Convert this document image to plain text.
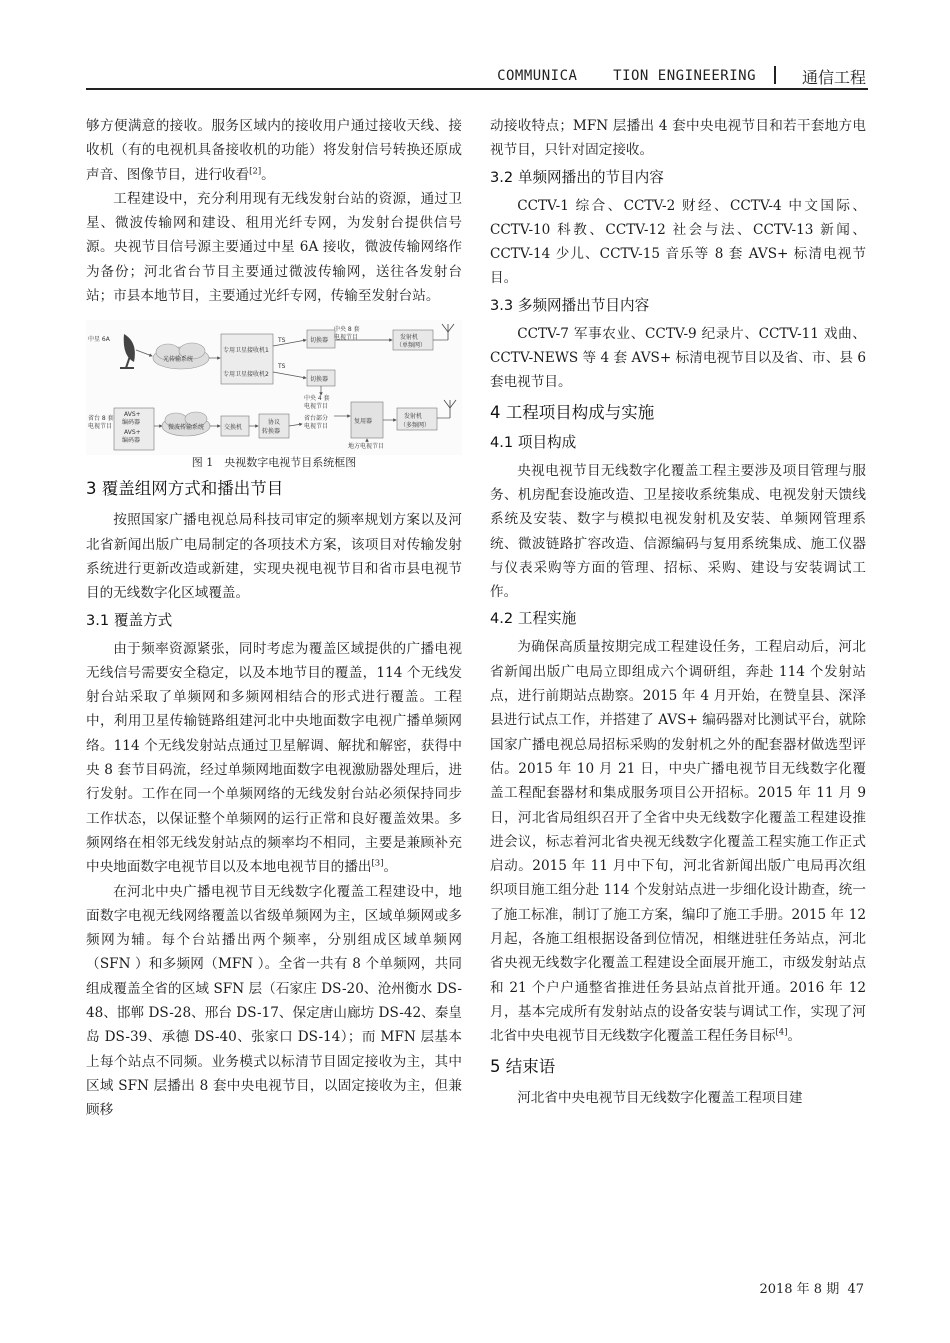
COMMUNICA    TION ENGINEERING	通信工程

够方便满意的接收。服务区域内的接收用户通过接收天线、接收机（有的电视机具备接收机的功能）将发射信号转换还原成声音、图像节目，进行收看[2]。

工程建设中，充分利用现有无线发射台站的资源，通过卫星、微波传输网和建设、租用光纤专网，为发射台提供信号源。央视节目信号源主要通过中星 6A 接收，微波传输网络作为备份；河北省台节目主要通过微波传输网，送往各发射台站；市县本地节目，主要通过光纤专网，传输至发射台站。

中星 6A
光传输系统
专用卫星接收机1
专用卫星接收机2
TS
TS
切换器
切换器
中央 8 套
电视节目	发射机
（单频网）
中央 4 套
电视节目
省台部分
电视节目
复用器
发射机
（多频网）
地方电视节目
省台 8 套
电视节目
AVS+
编码器
AVS+
编码器
微波传输系统	交换机
协议
转换器
图 1　央视数字电视节目系统框图
3 覆盖组网方式和播出节目

按照国家广播电视总局科技司审定的频率规划方案以及河北省新闻出版广电局制定的各项技术方案，该项目对传输发射系统进行更新改造或新建，实现央视电视节目和省市县电视节目的无线数字化区域覆盖。

3.1 覆盖方式

由于频率资源紧张，同时考虑为覆盖区域提供的广播电视无线信号需要安全稳定，以及本地节目的覆盖，114 个无线发射台站采取了单频网和多频网相结合的形式进行覆盖。工程中，利用卫星传输链路组建河北中央地面数字电视广播单频网络。114 个无线发射站点通过卫星解调、解扰和解密，获得中央 8 套节目码流，经过单频网地面数字电视激励器处理后，进行发射。工作在同一个单频网络的无线发射台站必须保持同步工作状态，以保证整个单频网的运行正常和良好覆盖效果。多频网络在相邻无线发射站点的频率均不相同，主要是兼顾补充中央地面数字电视节目以及本地电视节目的播出[3]。

在河北中央广播电视节目无线数字化覆盖工程建设中，地面数字电视无线网络覆盖以省级单频网为主，区域单频网或多频网为辅。每个台站播出两个频率，分别组成区域单频网（SFN ）和多频网（MFN ）。全省一共有 8 个单频网，共同组成覆盖全省的区域 SFN 层（石家庄 DS-20、沧州衡水 DS-48、邯郸 DS-28、邢台 DS-17、保定唐山廊坊 DS-42、秦皇岛 DS-39、承德 DS-40、张家口 DS-14）；而 MFN 层基本上每个站点不同频。业务模式以标清节目固定接收为主，其中区域 SFN 层播出 8 套中央电视节目，以固定接收为主，但兼顾移

动接收特点；MFN 层播出 4 套中央电视节目和若干套地方电视节目，只针对固定接收。

3.2 单频网播出的节目内容

CCTV-1 综合、CCTV-2 财经、CCTV-4 中文国际、CCTV-10 科教、CCTV-12 社会与法、CCTV-13 新闻、CCTV-14 少儿、CCTV-15 音乐等 8 套 AVS+ 标清电视节目。

3.3 多频网播出节目内容

CCTV-7 军事农业、CCTV-9 纪录片、CCTV-11 戏曲、CCTV-NEWS 等 4 套 AVS+ 标清电视节目以及省、市、县 6 套电视节目。

4 工程项目构成与实施
4.1 项目构成

央视电视节目无线数字化覆盖工程主要涉及项目管理与服务、机房配套设施改造、卫星接收系统集成、电视发射天馈线系统及安装、数字与模拟电视发射机及安装、单频网管理系统、微波链路扩容改造、信源编码与复用系统集成、施工仪器与仪表采购等方面的管理、招标、采购、建设与安装调试工作。

4.2 工程实施

为确保高质量按期完成工程建设任务，工程启动后，河北省新闻出版广电局立即组成六个调研组，奔赴 114 个发射站点，进行前期站点勘察。2015 年 4 月开始，在赞皇县、深泽县进行试点工作，并搭建了 AVS+ 编码器对比测试平台，就除国家广播电视总局招标采购的发射机之外的配套器材做选型评估。2015 年 10 月 21 日，中央广播电视节目无线数字化覆盖工程配套器材和集成服务项目公开招标。2015 年 11 月 9 日，河北省局组织召开了全省中央无线数字化覆盖工程建设推进会议，标志着河北省央视无线数字化覆盖工程实施工作正式启动。2015 年 11 月中下旬，河北省新闻出版广电局再次组织项目施工组分赴 114 个发射站点进一步细化设计勘查，统一了施工标准，制订了施工方案，编印了施工手册。2015 年 12 月起，各施工组根据设备到位情况，相继进驻任务站点，河北省央视无线数字化覆盖工程建设全面展开施工，市级发射站点和 21 个户户通整省推进任务县站点首批开通。2016 年 12 月，基本完成所有发射站点的设备安装与调试工作，实现了河北省中央电视节目无线数字化覆盖工程任务目标[4]。

5 结束语

河北省中央电视节目无线数字化覆盖工程项目建

2018 年 8 期  47
